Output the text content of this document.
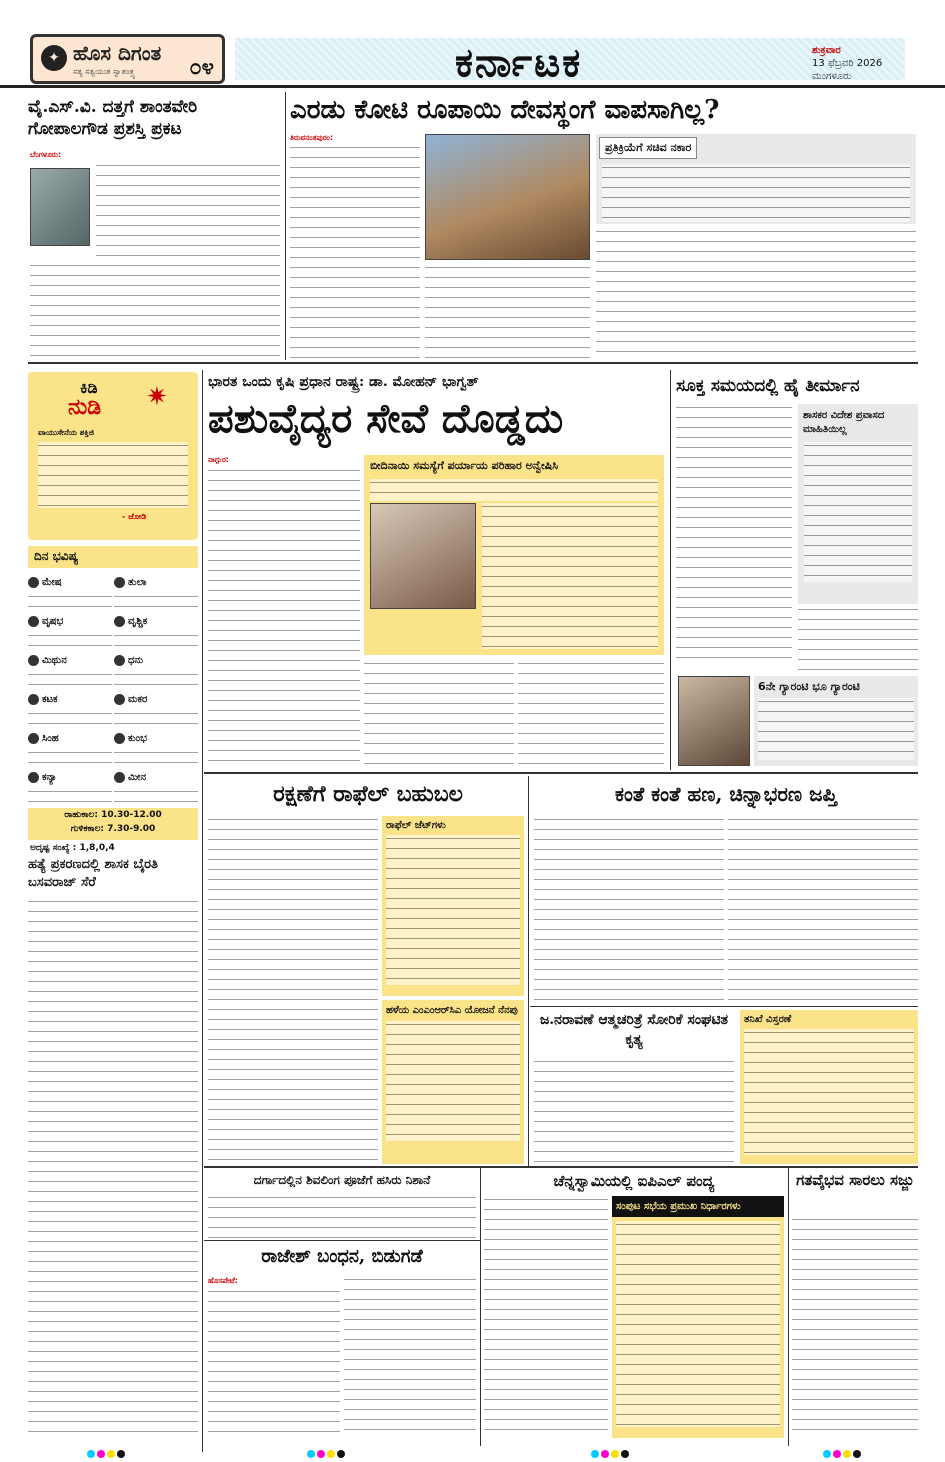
✦ ಹೊಸ ದಿಗಂತ
ಸತ್ಯ ಸತ್ವಯುತ ಸ್ವಾತಂತ್ರ್ಯ ೦೪	ಕರ್ನಾಟಕ	ಶುಕ್ರವಾರ
13 ಫೆಬ್ರವರಿ 2026
ಮಂಗಳೂರು
ವೈ.ಎಸ್.ವಿ. ದತ್ತಗೆ ಶಾಂತವೇರಿ ಗೋಪಾಲಗೌಡ ಪ್ರಶಸ್ತಿ ಪ್ರಕಟ
ಬೆಂಗಳೂರು:
ಎರಡು ಕೋಟಿ ರೂಪಾಯಿ ದೇವಸ್ಥಂಗೆ ವಾಪಸಾಗಿಲ್ಲ?
ತಿರುವನಂತಪುರಂ:
ಪ್ರತಿಕ್ರಿಯೆಗೆ ಸಚಿವ ನಕಾರ
ಕಿಡಿ
ನುಡಿ ✷
ವಾಯುಸೇನೆಯ ಶಕ್ತಿಜಿ
- ಜೋಡಿ
ದಿನ ಭವಿಷ್ಯ
ಮೇಷ	ತುಲಾ
ವೃಷಭ	ವೃಶ್ಚಿಕ
ಮಿಥುನ	ಧನು
ಕಟಕ	ಮಕರ
ಸಿಂಹ	ಕುಂಭ
ಕನ್ಯಾ	ಮೀನ
ರಾಹುಕಾಲ: 10.30-12.00
ಗುಳಿಕಕಾಲ: 7.30-9.00
ಅದೃಷ್ಟ ಸಂಖ್ಯೆ : 1,8,0,4
ಭಾರತ ಒಂದು ಕೃಷಿ ಪ್ರಧಾನ ರಾಷ್ಟ್ರ: ಡಾ. ಮೋಹನ್ ಭಾಗ್ವತ್
ಪಶುವೈದ್ಯರ ಸೇವೆ ದೊಡ್ಡದು
ನಾಗ್ಪುರ:	ಬೀದಿನಾಯಿ ಸಮಸ್ಯೆಗೆ ಪರ್ಯಾಯ ಪರಿಹಾರ ಅನ್ವೇಷಿಸಿ
ಸೂಕ್ತ ಸಮಯದಲ್ಲಿ ಹೈ ತೀರ್ಮಾನ
ಶಾಸಕರ ವಿದೇಶ ಪ್ರವಾಸದ ಮಾಹಿತಿಯಿಲ್ಲ
6ನೇ ಗ್ಯಾರಂಟಿ ಭೂ ಗ್ಯಾರಂಟಿ
ರಕ್ಷಣೆಗೆ ರಾಫೆಲ್ ಬಹುಬಲ
ರಾಫೆಲ್ ಜೆಟ್‌ಗಳು
ಹಳೆಯ ಎಂಎಂಆರ್‌ಸಿಎ ಯೋಜನೆ ನೆನಪು
ಕಂತೆ ಕಂತೆ ಹಣ, ಚಿನ್ನಾಭರಣ ಜಪ್ತಿ
ಜ.ನರಾವಣೆ ಆತ್ಮಚರಿತ್ರೆ ಸೋರಿಕೆ ಸಂಘಟಿತ ಕೃತ್ಯ
ತನಿಖೆ ವಿಸ್ತರಣೆ
ಹತ್ಯೆ ಪ್ರಕರಣದಲ್ಲಿ ಶಾಸಕ ಬೈರತಿ ಬಸವರಾಜ್ ಸೆರೆ
ದರ್ಗಾದಲ್ಲಿನ ಶಿವಲಿಂಗ ಪೂಜೆಗೆ ಹಸಿರು ನಿಶಾನೆ
ರಾಜೇಶ್ ಬಂಧನ, ಬಿಡುಗಡೆ
ಹೊಸಪೇಟೆ:
ಚೆನ್ನಸ್ವಾಮಿಯಲ್ಲಿ ಐಪಿಎಲ್ ಪಂದ್ಯ
ಸಂಪುಟ ಸಭೆಯ ಪ್ರಮುಖ ನಿರ್ಧಾರಗಳು
ಗತವೈಭವ ಸಾರಲು ಸಜ್ಜು
